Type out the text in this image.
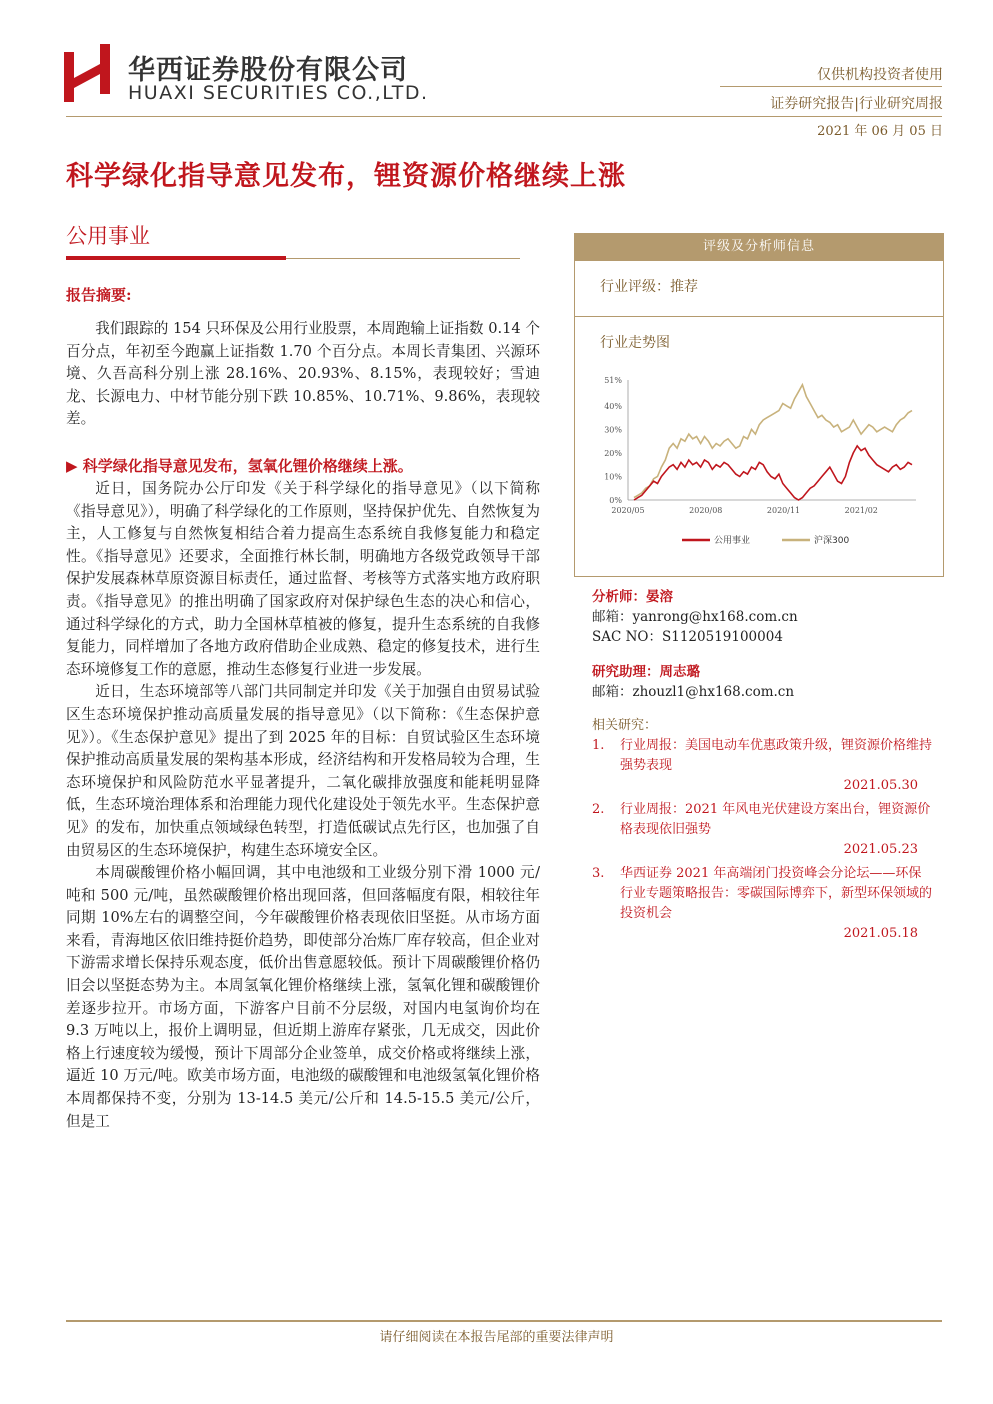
华西证券股份有限公司
HUAXI SECURITIES CO.,LTD.
仅供机构投资者使用
证券研究报告|行业研究周报
2021 年 06 月 05 日
科学绿化指导意见发布，锂资源价格继续上涨
公用事业
报告摘要:

我们跟踪的 154 只环保及公用行业股票，本周跑输上证指数 0.14 个百分点，年初至今跑赢上证指数 1.70 个百分点。本周长青集团、兴源环境、久吾高科分别上涨 28.16%、20.93%、8.15%，表现较好；雪迪龙、长源电力、中材节能分别下跌 10.85%、10.71%、9.86%，表现较差。

▶ 科学绿化指导意见发布，氢氧化锂价格继续上涨。

近日，国务院办公厅印发《关于科学绿化的指导意见》（以下简称《指导意见》），明确了科学绿化的工作原则，坚持保护优先、自然恢复为主，人工修复与自然恢复相结合着力提高生态系统自我修复能力和稳定性。《指导意见》还要求，全面推行林长制，明确地方各级党政领导干部保护发展森林草原资源目标责任，通过监督、考核等方式落实地方政府职责。《指导意见》的推出明确了国家政府对保护绿色生态的决心和信心，通过科学绿化的方式，助力全国林草植被的修复，提升生态系统的自我修复能力，同样增加了各地方政府借助企业成熟、稳定的修复技术，进行生态环境修复工作的意愿，推动生态修复行业进一步发展。

近日，生态环境部等八部门共同制定并印发《关于加强自由贸易试验区生态环境保护推动高质量发展的指导意见》（以下简称：《生态保护意见》）。《生态保护意见》提出了到 2025 年的目标：自贸试验区生态环境保护推动高质量发展的架构基本形成，经济结构和开发格局较为合理，生态环境保护和风险防范水平显著提升，二氧化碳排放强度和能耗明显降低，生态环境治理体系和治理能力现代化建设处于领先水平。生态保护意见》的发布，加快重点领域绿色转型，打造低碳试点先行区，也加强了自由贸易区的生态环境保护，构建生态环境安全区。

本周碳酸锂价格小幅回调，其中电池级和工业级分别下滑 1000 元/吨和 500 元/吨，虽然碳酸锂价格出现回落，但回落幅度有限，相较往年同期 10%左右的调整空间，今年碳酸锂价格表现依旧坚挺。从市场方面来看，青海地区依旧维持挺价趋势，即使部分冶炼厂库存较高，但企业对下游需求增长保持乐观态度，低价出售意愿较低。预计下周碳酸锂价格仍旧会以坚挺态势为主。本周氢氧化锂价格继续上涨，氢氧化锂和碳酸锂价差逐步拉开。市场方面，下游客户目前不分层级，对国内电氢询价均在 9.3 万吨以上，报价上调明显，但近期上游库存紧张，几无成交，因此价格上行速度较为缓慢，预计下周部分企业签单，成交价格或将继续上涨，逼近 10 万元/吨。欧美市场方面，电池级的碳酸锂和电池级氢氧化锂价格本周都保持不变，分别为 13-14.5 美元/公斤和 14.5-15.5 美元/公斤，但是工

评级及分析师信息
行业评级：推荐
行业走势图
0%
10%
20%
30%
40%
51%
2020/05	2020/08	2020/11	2021/02
公用事业	沪深300
分析师：晏溶
邮箱：yanrong@hx168.com.cn
SAC NO：S1120519100004
研究助理：周志璐
邮箱：zhouzl1@hx168.com.cn
相关研究：
1.	行业周报：美国电动车优惠政策升级，锂资源价格维持强势表现
2021.05.30
2.	行业周报：2021 年风电光伏建设方案出台，锂资源价格表现依旧强势
2021.05.23
3.	华西证券 2021 年高端闭门投资峰会分论坛——环保行业专题策略报告：零碳国际博弈下，新型环保领域的投资机会
2021.05.18
请仔细阅读在本报告尾部的重要法律声明
